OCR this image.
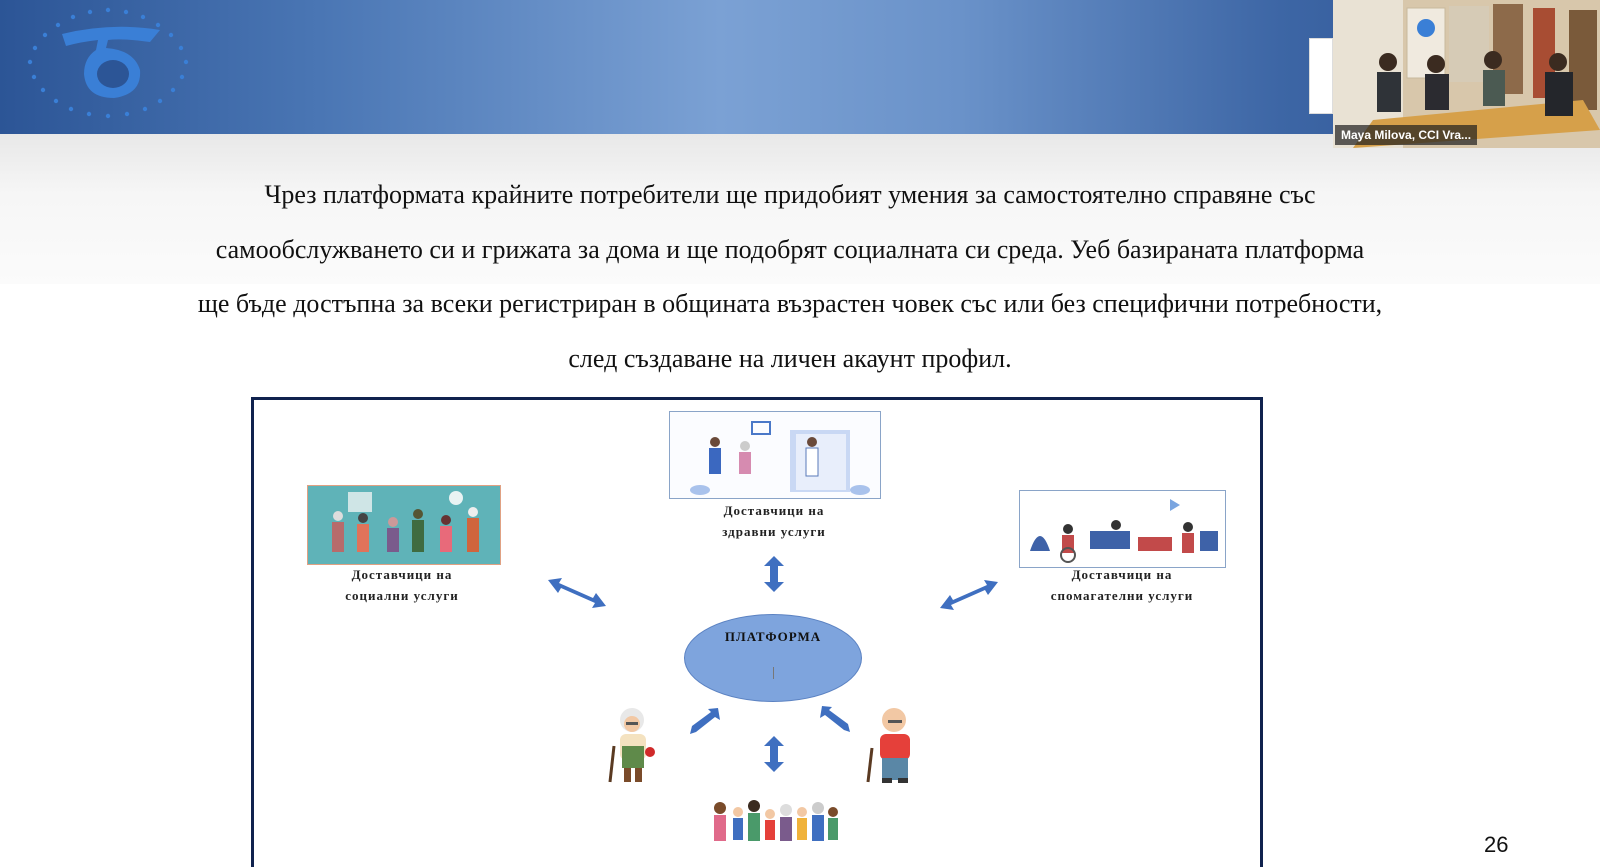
Maya Milova, CCI Vra...
Чрез платформата крайните потребители ще придобият умения за самостоятелно справяне със
самообслужването си и грижата за дома и ще подобрят социалната си среда. Уеб базираната платформа
ще бъде достъпна за всеки регистриран в общината възрастен човек със или без специфични потребности,
след създаване на личен акаунт профил.
Доставчици на
здравни услуги
Доставчици на
социални услуги
Доставчици на
спомагателни услуги
ПЛАТФОРМА
26
